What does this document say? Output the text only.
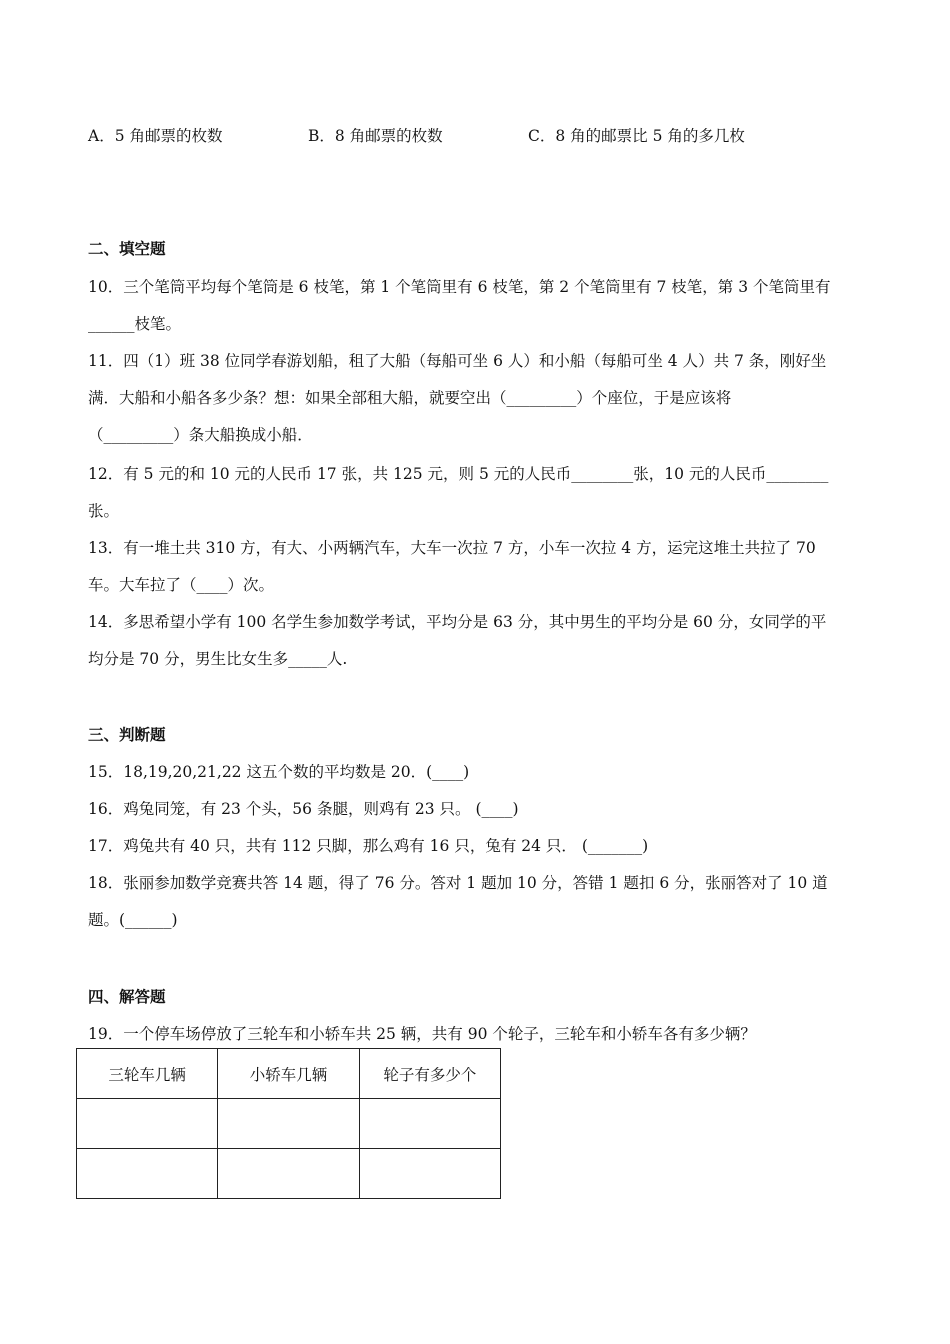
A．5 角邮票的枚数	B．8 角邮票的枚数	C．8 角的邮票比 5 角的多几枚
二、填空题
10．三个笔筒平均每个笔筒是 6 枝笔，第 1 个笔筒里有 6 枝笔，第 2 个笔筒里有 7 枝笔，第 3 个笔筒里有
______枝笔。
11．四（1）班 38 位同学春游划船，租了大船（每船可坐 6 人）和小船（每船可坐 4 人）共 7 条，刚好坐
满．大船和小船各多少条？想：如果全部租大船，就要空出（_________）个座位，于是应该将
（_________）条大船换成小船．
12．有 5 元的和 10 元的人民币 17 张，共 125 元，则 5 元的人民币________张，10 元的人民币________
张。
13．有一堆土共 310 方，有大、小两辆汽车，大车一次拉 7 方，小车一次拉 4 方，运完这堆土共拉了 70
车。大车拉了（____）次。
14．多思希望小学有 100 名学生参加数学考试，平均分是 63 分，其中男生的平均分是 60 分，女同学的平
均分是 70 分，男生比女生多_____人.
三、判断题
15．18,19,20,21,22 这五个数的平均数是 20．(____)
16．鸡兔同笼，有 23 个头，56 条腿，则鸡有 23 只。 (____)
17．鸡兔共有 40 只，共有 112 只脚，那么鸡有 16 只，兔有 24 只． (_______)
18．张丽参加数学竞赛共答 14 题，得了 76 分。答对 1 题加 10 分，答错 1 题扣 6 分，张丽答对了 10 道
题。(______)
四、解答题
19．一个停车场停放了三轮车和小轿车共 25 辆，共有 90 个轮子，三轮车和小轿车各有多少辆？
三轮车几辆	小轿车几辆	轮子有多少个
